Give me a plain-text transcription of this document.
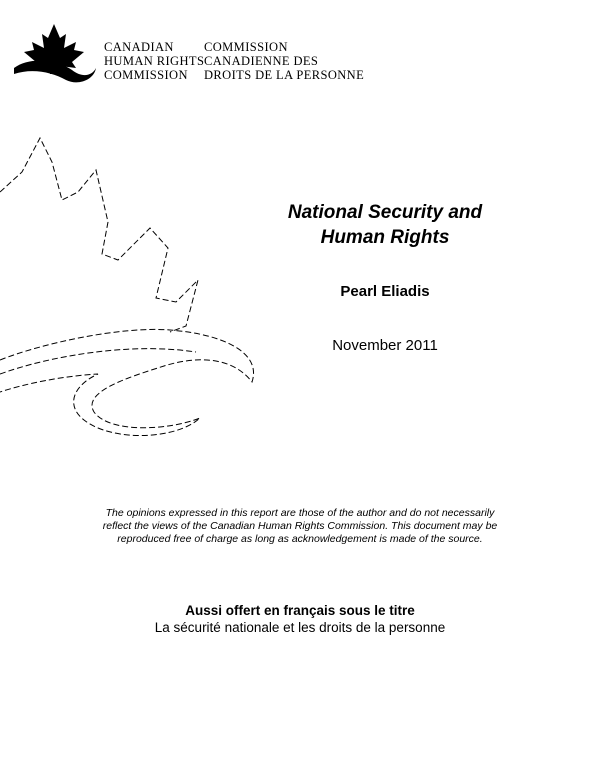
CANADIAN
HUMAN RIGHTS
COMMISSION
COMMISSION
CANADIENNE DES
DROITS DE LA PERSONNE
National Security and
Human Rights
Pearl Eliadis
November 2011
The opinions expressed in this report are those of the author and do not necessarily
reflect the views of the Canadian Human Rights Commission. This document may be
reproduced free of charge as long as acknowledgement is made of the source.
Aussi offert en français sous le titre
La sécurité nationale et les droits de la personne
